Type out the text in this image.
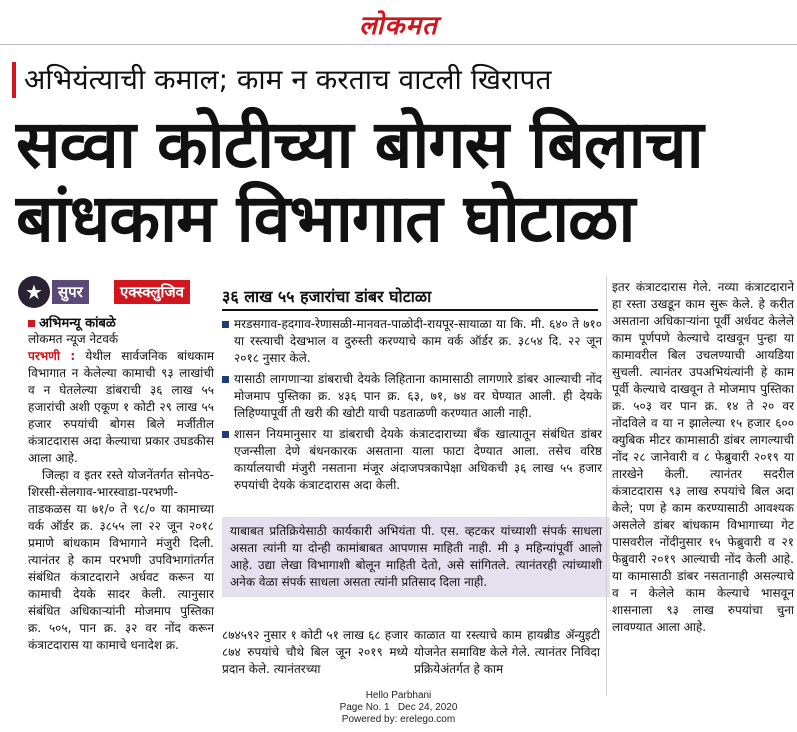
लोकमत
अभियंत्याची कमाल; काम न करताच वाटली खिरापत
सव्वा कोटीच्या बोगस बिलाचा बांधकाम विभागात घोटाळा
★	सुपर	एक्स्क्लुजिव	३६ लाख ५५ हजारांचा डांबर घोटाळा
अभिमन्यू कांबळे
लोकमत न्यूज नेटवर्क
परभणी : येथील सार्वजनिक बांधकाम विभागात न केलेल्या कामाची ९३ लाखांची व न घेतलेल्या डांबराची ३६ लाख ५५ हजारांची अशी एकूण १ कोटी २९ लाख ५५ हजार रुपयांची बोगस बिले मर्जीतील कंत्राटदारास अदा केल्याचा प्रकार उघडकीस आला आहे.
जिल्हा व इतर रस्ते योजनेंतर्गत सोनपेठ-शिरसी-सेलगाव-भारस्वाडा-परभणी-ताडकळस या ७१/० ते ९८/० या कामाच्या वर्क ऑर्डर क्र. ३८५५ ला २२ जून २०१८ प्रमाणे बांधकाम विभागाने मंजुरी दिली. त्यानंतर हे काम परभणी उपविभागांतर्गत संबंधित कंत्राटदाराने अर्धवट करून या कामाची देयके सादर केली. त्यानुसार संबंधित अधिकाऱ्यांनी मोजमाप पुस्तिका क्र. ५०५, पान क्र. ३२ वर नोंद करून कंत्राटदारास या कामाचे धनादेश क्र.
मरडसगाव-हदगाव-रेणासळी-मानवत-पाळोदी-रायपूर-सायाळा या कि. मी. ६४० ते ७१० या रस्त्याची देखभाल व दुरुस्ती करण्याचे काम वर्क ऑर्डर क्र. ३८५४ दि. २२ जून २०१८ नुसार केले.
यासाठी लागणाऱ्या डांबराची देयके लिहिताना कामासाठी लागणारे डांबर आल्याची नोंद मोजमाप पुस्तिका क्र. ४३६ पान क्र. ६३, ७१, ७४ वर घेण्यात आली. ही देयके लिहिण्यापूर्वी ती खरी की खोटी याची पडताळणी करण्यात आली नाही.
शासन नियमानुसार या डांबराची देयके कंत्राटदाराच्या बँक खात्यातून संबंधित डांबर एजन्सीला देणे बंधनकारक असताना याला फाटा देण्यात आला. तसेच वरिष्ठ कार्यालयाची मंजुरी नसताना मंजूर अंदाजपत्रकापेक्षा अधिकची ३६ लाख ५५ हजार रुपयांची देयके कंत्राटदारास अदा केली.
याबाबत प्रतिक्रियेसाठी कार्यकारी अभियंता पी. एस. व्हटकर यांच्याशी संपर्क साधला असता त्यांनी या दोन्ही कामांबाबत आपणास माहिती नाही. मी ३ महिन्यांपूर्वी आलो आहे. उद्या लेखा विभागाशी बोलून माहिती देतो, असे सांगितले. त्यानंतरही त्यांच्याशी अनेक वेळा संपर्क साधला असता त्यांनी प्रतिसाद दिला नाही.
८७४५९२ नुसार १ कोटी ५१ लाख ६८ हजार ८७४ रुपयांचे चौथे बिल जून २०१९ मध्ये प्रदान केले. त्यानंतरच्या
काळात या रस्त्याचे काम हायब्रीड ॲन्युइटी योजनेत समाविष्ट केले गेले. त्यानंतर निविदा प्रक्रियेअंतर्गत हे काम
इतर कंत्राटदारास गेले. नव्या कंत्राटदाराने हा रस्ता उखडून काम सुरू केले. हे करीत असताना अधिकाऱ्यांना पूर्वी अर्धवट केलेले काम पूर्णपणे केल्याचे दाखवून पुन्हा या कामावरील बिल उचलण्याची आयडिया सुचली. त्यानंतर उपअभियंत्यांनी हे काम पूर्वी केल्याचे दाखवून ते मोजमाप पुस्तिका क्र. ५०३ वर पान क्र. १४ ते २० वर नोंदविले व या न झालेल्या १५ हजार ६०० क्युबिक मीटर कामासाठी डांबर लागल्याची नोंद २८ जानेवारी व ८ फेब्रुवारी २०१९ या तारखेने केली. त्यानंतर सदरील कंत्राटदारास ९३ लाख रुपयांचे बिल अदा केले; पण हे काम करण्यासाठी आवश्यक असलेले डांबर बांधकाम विभागाच्या गेट पासवरील नोंदीनुसार १५ फेब्रुवारी व २१ फेब्रुवारी २०१९ आल्याची नोंद केली आहे. या कामासाठी डांबर नसतानाही असल्याचे व न केलेले काम केल्याचे भासवून शासनाला ९३ लाख रुपयांचा चुना लावण्यात आला आहे.
Hello Parbhani
Page No. 1   Dec 24, 2020
Powered by: erelego.com
